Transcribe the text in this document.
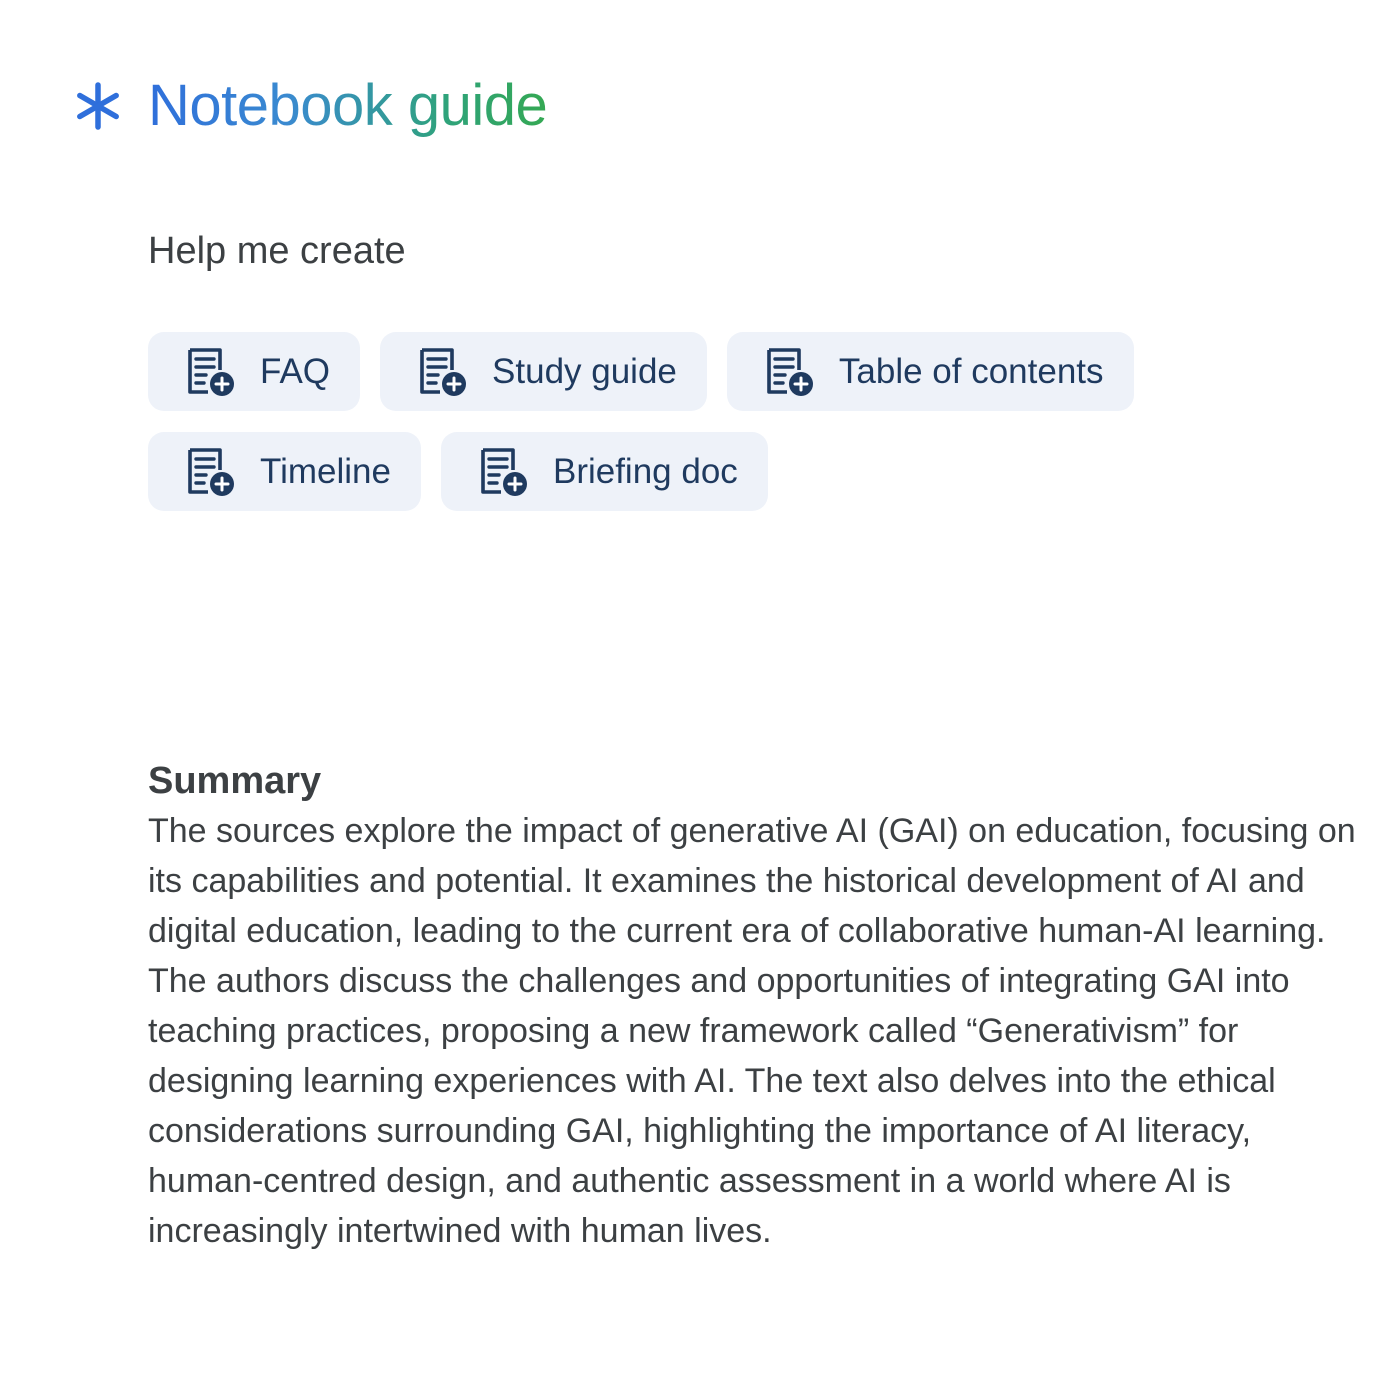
Notebook guide
Help me create
FAQ	Study guide	Table of contents
Timeline	Briefing doc

Summary

The sources explore the impact of generative AI (GAI) on education, focusing on its capabilities and potential. It examines the historical development of AI and digital education, leading to the current era of collaborative human-AI learning. The authors discuss the challenges and opportunities of integrating GAI into teaching practices, proposing a new framework called “Generativism” for designing learning experiences with AI. The text also delves into the ethical considerations surrounding GAI, highlighting the importance of AI literacy, human-centred design, and authentic assessment in a world where AI is increasingly intertwined with human lives.
